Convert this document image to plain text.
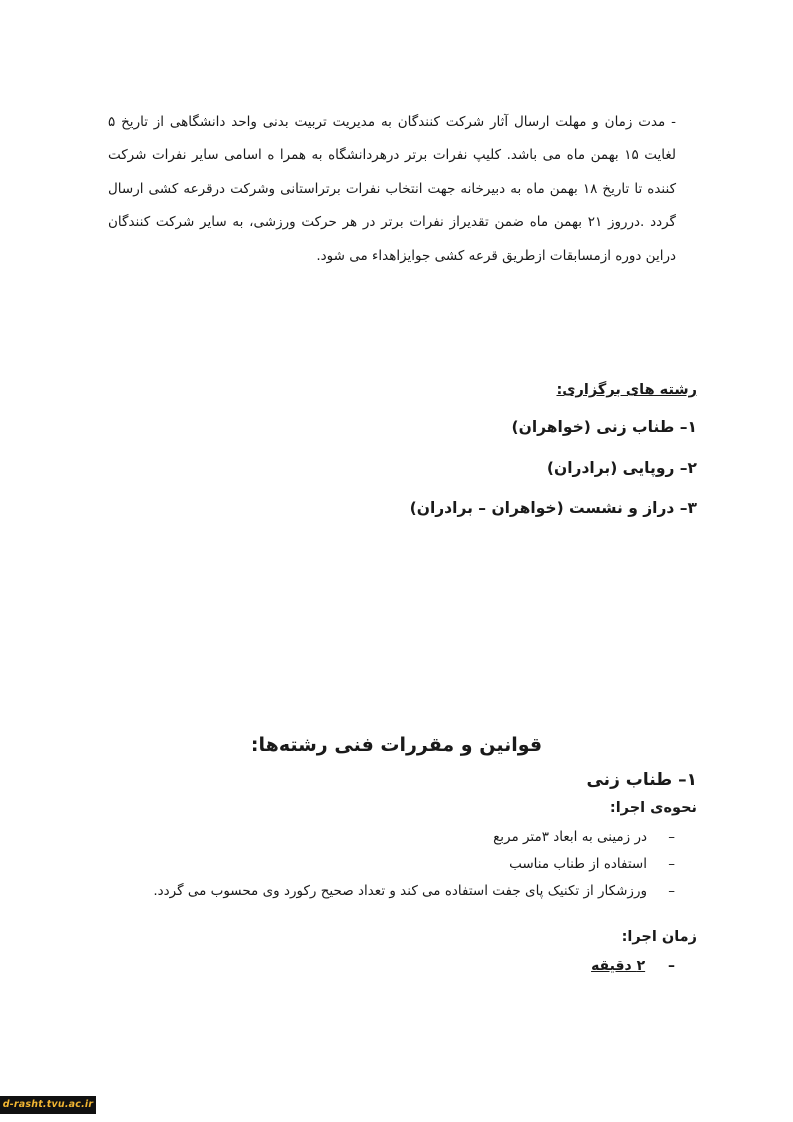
- مدت زمان و مهلت ارسال آثار شرکت کنندگان به مدیریت تربیت بدنی واحد دانشگاهی از تاریخ ۵ لغایت ۱۵ بهمن ماه می باشد. کلیپ نفرات برتر درهردانشگاه به همرا ه اسامی سایر نفرات شرکت کننده تا تاریخ ۱۸ بهمن ماه به دبیرخانه جهت انتخاب نفرات برتراستانی وشرکت درقرعه کشی ارسال گردد .درروز ۲۱ بهمن ماه ضمن تقدیراز نفرات برتر در هر حرکت ورزشی، به سایر شرکت کنندگان دراین دوره ازمسابقات ازطریق قرعه کشی جوایزاهداء می شود.

رشته های برگزاری:
۱– طناب زنی (خواهران)
۲– روپایی (برادران)
۳– دراز و نشست (خواهران – برادران)
قوانین و مقررات فنی رشته‌ها:
۱– طناب زنی
نحوه‌ی اجرا:
–
در زمینی به ابعاد ۳متر مربع
–
استفاده از طناب مناسب
–
ورزشکار از تکنیک پای جفت استفاده می کند و تعداد صحیح رکورد وی محسوب می گردد.
زمان اجرا:
– ۲ دقیقه
d-rasht.tvu.ac.ir
